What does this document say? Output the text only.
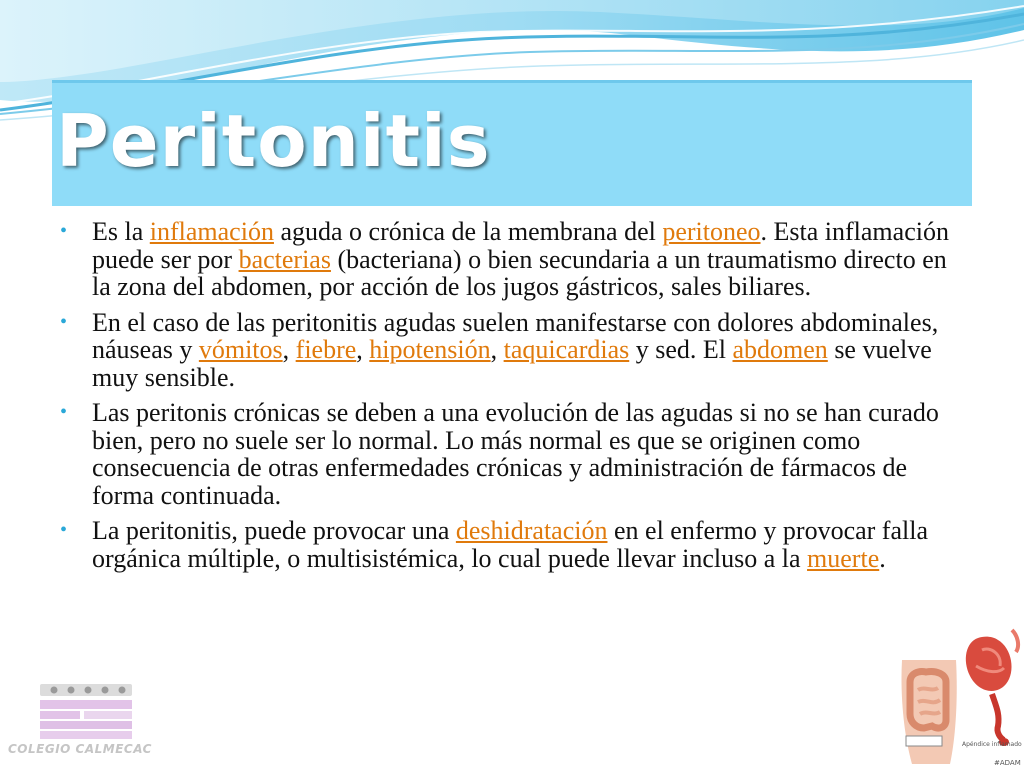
Peritonitis
• Es la inflamación aguda o crónica de la membrana del peritoneo. Esta inflamación puede ser por bacterias (bacteriana) o bien secundaria a un traumatismo directo en la zona del abdomen, por acción de los jugos gástricos, sales biliares.
• En el caso de las peritonitis agudas suelen manifestarse con dolores abdominales, náuseas y vómitos, fiebre, hipotensión, taquicardias y sed. El abdomen se vuelve muy sensible.
• Las peritonis crónicas se deben a una evolución de las agudas si no se han curado bien, pero no suele ser lo normal. Lo más normal es que se originen como consecuencia de otras enfermedades crónicas y administración de fármacos de forma continuada.
• La peritonitis, puede provocar una deshidratación en el enfermo y provocar falla orgánica múltiple, o multisistémica, lo cual puede llevar incluso a la muerte.
COLEGIO CALMECAC	Apéndice inflamado
#ADAM
